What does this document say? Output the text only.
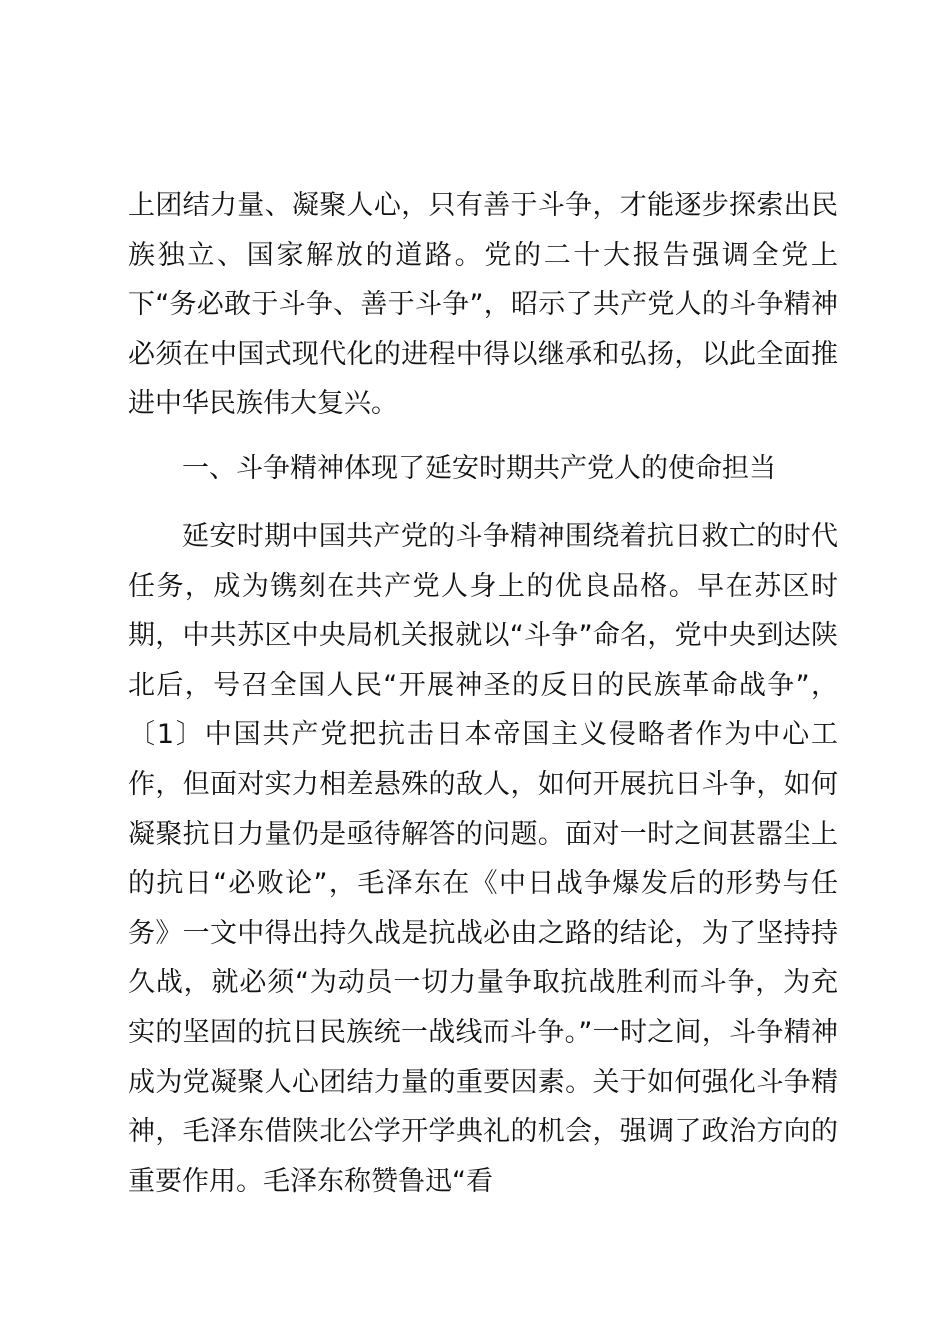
上团结力量、凝聚人心，只有善于斗争，才能逐步探索出民族独立、国家解放的道路。党的二十大报告强调全党上下“务必敢于斗争、善于斗争”，昭示了共产党人的斗争精神必须在中国式现代化的进程中得以继承和弘扬，以此全面推进中华民族伟大复兴。

一、斗争精神体现了延安时期共产党人的使命担当

延安时期中国共产党的斗争精神围绕着抗日救亡的时代任务，成为镌刻在共产党人身上的优良品格。早在苏区时期，中共苏区中央局机关报就以“斗争”命名，党中央到达陕北后，号召全国人民“开展神圣的反日的民族革命战争”，〔1〕中国共产党把抗击日本帝国主义侵略者作为中心工作，但面对实力相差悬殊的敌人，如何开展抗日斗争，如何凝聚抗日力量仍是亟待解答的问题。面对一时之间甚嚣尘上的抗日“必败论”，毛泽东在《中日战争爆发后的形势与任务》一文中得出持久战是抗战必由之路的结论，为了坚持持久战，就必须“为动员一切力量争取抗战胜利而斗争，为充实的坚固的抗日民族统一战线而斗争。”一时之间，斗争精神成为党凝聚人心团结力量的重要因素。关于如何强化斗争精神，毛泽东借陕北公学开学典礼的机会，强调了政治方向的重要作用。毛泽东称赞鲁迅“看
